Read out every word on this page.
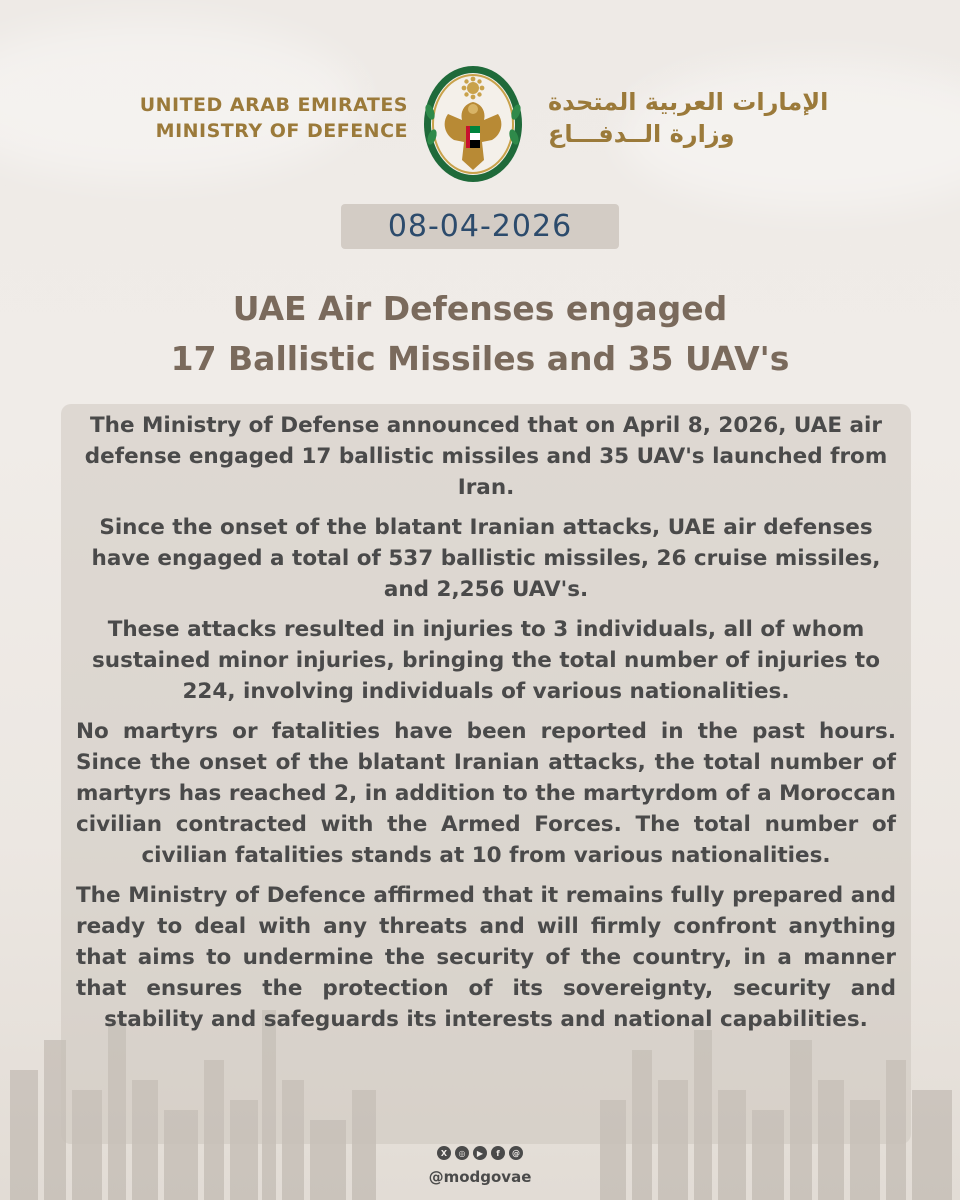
UNITED ARAB EMIRATES
MINISTRY OF DEFENCE
الإمارات العربية المتحدة
وزارة الــدفـــاع
08-04-2026
UAE Air Defenses engaged
17 Ballistic Missiles and 35 UAV's

The Ministry of Defense announced that on April 8, 2026, UAE air defense engaged 17 ballistic missiles and 35 UAV's launched from Iran.

Since the onset of the blatant Iranian attacks, UAE air defenses have engaged a total of 537 ballistic missiles, 26 cruise missiles, and 2,256 UAV's.

These attacks resulted in injuries to 3 individuals, all of whom sustained minor injuries, bringing the total number of injuries to 224, involving individuals of various nationalities.

No martyrs or fatalities have been reported in the past hours. Since the onset of the blatant Iranian attacks, the total number of martyrs has reached 2, in addition to the martyrdom of a Moroccan civilian contracted with the Armed Forces. The total number of civilian fatalities stands at 10 from various nationalities.

The Ministry of Defence affirmed that it remains fully prepared and ready to deal with any threats and will firmly confront anything that aims to undermine the security of the country, in a manner that ensures the protection of its sovereignty, security and stability and safeguards its interests and national capabilities.

X	◎	▶	f	@
@modgovae
